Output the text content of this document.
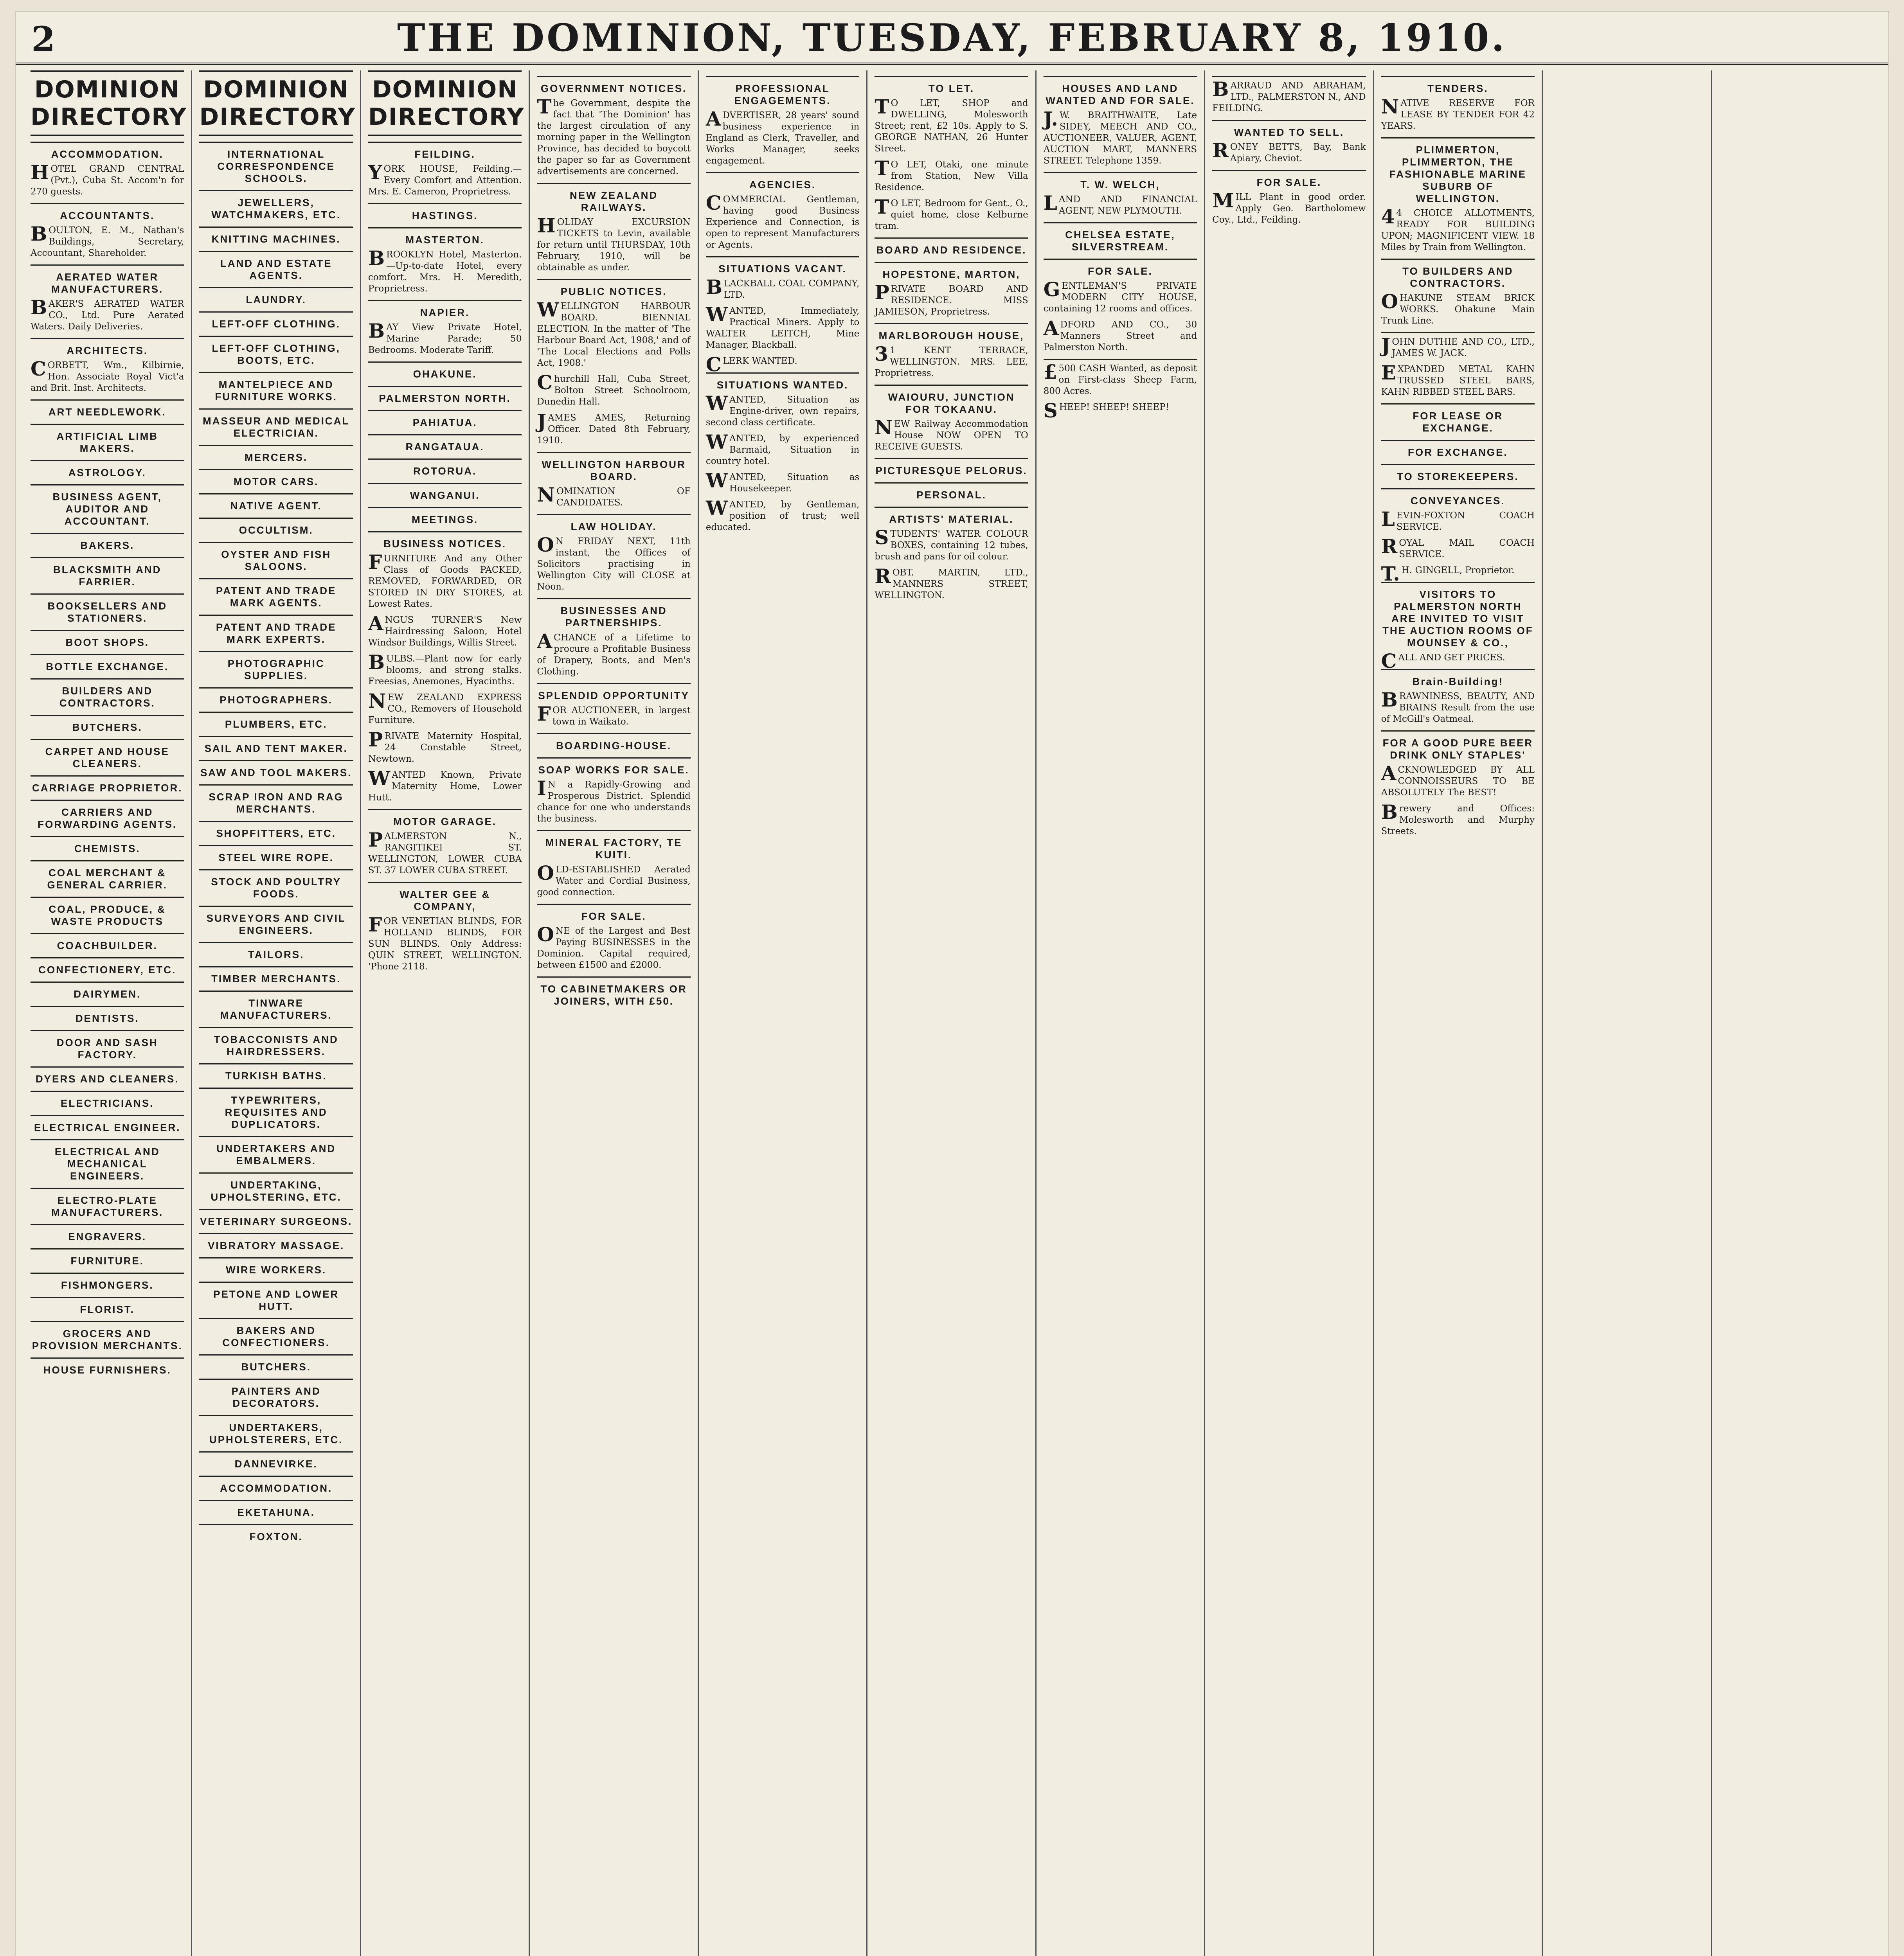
2	THE DOMINION, TUESDAY, FEBRUARY 8, 1910.
DOMINION DIRECTORY
ACCOMMODATION.

HOTEL GRAND CENTRAL (Pvt.), Cuba St. Accom'n for 270 guests.

ACCOUNTANTS.

BOULTON, E. M., Nathan's Buildings, Secretary, Accountant, Shareholder.

AERATED WATER MANUFACTURERS.

BAKER'S AERATED WATER CO., Ltd. Pure Aerated Waters. Daily Deliveries.

ARCHITECTS.

CORBETT, Wm., Kilbirnie, Hon. Associate Royal Vict'a and Brit. Inst. Architects.

ART NEEDLEWORK.
ARTIFICIAL LIMB MAKERS.
ASTROLOGY.
BUSINESS AGENT, AUDITOR AND ACCOUNTANT.
BAKERS.
BLACKSMITH AND FARRIER.
BOOKSELLERS AND STATIONERS.
BOOT SHOPS.
BOTTLE EXCHANGE.
BUILDERS AND CONTRACTORS.
BUTCHERS.
CARPET AND HOUSE CLEANERS.
CARRIAGE PROPRIETOR.
CARRIERS AND FORWARDING AGENTS.
CHEMISTS.
COAL MERCHANT & GENERAL CARRIER.
COAL, PRODUCE, & WASTE PRODUCTS
COACHBUILDER.
CONFECTIONERY, ETC.
DAIRYMEN.
DENTISTS.
DOOR AND SASH FACTORY.
DYERS AND CLEANERS.
ELECTRICIANS.
ELECTRICAL ENGINEER.
ELECTRICAL AND MECHANICAL ENGINEERS.
ELECTRO-PLATE MANUFACTURERS.
ENGRAVERS.
FURNITURE.
FISHMONGERS.
FLORIST.
GROCERS AND PROVISION MERCHANTS.
HOUSE FURNISHERS.
DOMINION DIRECTORY
INTERNATIONAL CORRESPONDENCE SCHOOLS.
JEWELLERS, WATCHMAKERS, ETC.
KNITTING MACHINES.
LAND AND ESTATE AGENTS.
LAUNDRY.
LEFT-OFF CLOTHING.
LEFT-OFF CLOTHING, BOOTS, ETC.
MANTELPIECE AND FURNITURE WORKS.
MASSEUR AND MEDICAL ELECTRICIAN.
MERCERS.
MOTOR CARS.
NATIVE AGENT.
OCCULTISM.
OYSTER AND FISH SALOONS.
PATENT AND TRADE MARK AGENTS.
PATENT AND TRADE MARK EXPERTS.
PHOTOGRAPHIC SUPPLIES.
PHOTOGRAPHERS.
PLUMBERS, ETC.
SAIL AND TENT MAKER.
SAW AND TOOL MAKERS.
SCRAP IRON AND RAG MERCHANTS.
SHOPFITTERS, ETC.
STEEL WIRE ROPE.
STOCK AND POULTRY FOODS.
SURVEYORS AND CIVIL ENGINEERS.
TAILORS.
TIMBER MERCHANTS.
TINWARE MANUFACTURERS.
TOBACCONISTS AND HAIRDRESSERS.
TURKISH BATHS.
TYPEWRITERS, REQUISITES AND DUPLICATORS.
UNDERTAKERS AND EMBALMERS.
UNDERTAKING, UPHOLSTERING, ETC.
VETERINARY SURGEONS.
VIBRATORY MASSAGE.
WIRE WORKERS.
PETONE AND LOWER HUTT.
BAKERS AND CONFECTIONERS.
BUTCHERS.
PAINTERS AND DECORATORS.
UNDERTAKERS, UPHOLSTERERS, ETC.
DANNEVIRKE.
ACCOMMODATION.
EKETAHUNA.
FOXTON.
DOMINION DIRECTORY
FEILDING.

YORK HOUSE, Feilding.—Every Comfort and Attention. Mrs. E. Cameron, Proprietress.

HASTINGS.
MASTERTON.

BROOKLYN Hotel, Masterton.—Up-to-date Hotel, every comfort. Mrs. H. Meredith, Proprietress.

NAPIER.

BAY View Private Hotel, Marine Parade; 50 Bedrooms. Moderate Tariff.

OHAKUNE.
PALMERSTON NORTH.
PAHIATUA.
RANGATAUA.
ROTORUA.
WANGANUI.
MEETINGS.
BUSINESS NOTICES.

FURNITURE And any Other Class of Goods PACKED, REMOVED, FORWARDED, OR STORED IN DRY STORES, at Lowest Rates.

ANGUS TURNER'S New Hairdressing Saloon, Hotel Windsor Buildings, Willis Street.

BULBS.—Plant now for early blooms, and strong stalks. Freesias, Anemones, Hyacinths.

NEW ZEALAND EXPRESS CO., Removers of Household Furniture.

PRIVATE Maternity Hospital, 24 Constable Street, Newtown.

WANTED Known, Private Maternity Home, Lower Hutt.

MOTOR GARAGE.

PALMERSTON N., RANGITIKEI ST. WELLINGTON, LOWER CUBA ST. 37 LOWER CUBA STREET.

WALTER GEE & COMPANY,

FOR VENETIAN BLINDS, FOR HOLLAND BLINDS, FOR SUN BLINDS. Only Address: QUIN STREET, WELLINGTON. 'Phone 2118.

GOVERNMENT NOTICES.

The Government, despite the fact that 'The Dominion' has the largest circulation of any morning paper in the Wellington Province, has decided to boycott the paper so far as Government advertisements are concerned.

NEW ZEALAND RAILWAYS.

HOLIDAY EXCURSION TICKETS to Levin, available for return until THURSDAY, 10th February, 1910, will be obtainable as under.

PUBLIC NOTICES.

WELLINGTON HARBOUR BOARD. BIENNIAL ELECTION. In the matter of 'The Harbour Board Act, 1908,' and of 'The Local Elections and Polls Act, 1908.'

Churchill Hall, Cuba Street, Bolton Street Schoolroom, Dunedin Hall.

JAMES AMES, Returning Officer. Dated 8th February, 1910.

WELLINGTON HARBOUR BOARD.

NOMINATION OF CANDIDATES.

LAW HOLIDAY.

ON FRIDAY NEXT, 11th instant, the Offices of Solicitors practising in Wellington City will CLOSE at Noon.

BUSINESSES AND PARTNERSHIPS.

ACHANCE of a Lifetime to procure a Profitable Business of Drapery, Boots, and Men's Clothing.

SPLENDID OPPORTUNITY

FOR AUCTIONEER, in largest town in Waikato.

BOARDING-HOUSE.
SOAP WORKS FOR SALE.

IN a Rapidly-Growing and Prosperous District. Splendid chance for one who understands the business.

MINERAL FACTORY, TE KUITI.

OLD-ESTABLISHED Aerated Water and Cordial Business, good connection.

FOR SALE.

ONE of the Largest and Best Paying BUSINESSES in the Dominion. Capital required, between £1500 and £2000.

TO CABINETMAKERS OR JOINERS, WITH £50.
PROFESSIONAL ENGAGEMENTS.

ADVERTISER, 28 years' sound business experience in England as Clerk, Traveller, and Works Manager, seeks engagement.

AGENCIES.

COMMERCIAL Gentleman, having good Business Experience and Connection, is open to represent Manufacturers or Agents.

SITUATIONS VACANT.

BLACKBALL COAL COMPANY, LTD.

WANTED, Immediately, Practical Miners. Apply to WALTER LEITCH, Mine Manager, Blackball.

CLERK WANTED.

SITUATIONS WANTED.

WANTED, Situation as Engine-driver, own repairs, second class certificate.

WANTED, by experienced Barmaid, Situation in country hotel.

WANTED, Situation as Housekeeper.

WANTED, by Gentleman, position of trust; well educated.

TO LET.

TO LET, SHOP and DWELLING, Molesworth Street; rent, £2 10s. Apply to S. GEORGE NATHAN, 26 Hunter Street.

TO LET, Otaki, one minute from Station, New Villa Residence.

TO LET, Bedroom for Gent., O., quiet home, close Kelburne tram.

BOARD AND RESIDENCE.
HOPESTONE, MARTON,

PRIVATE BOARD AND RESIDENCE. MISS JAMIESON, Proprietress.

MARLBOROUGH HOUSE,

31 KENT TERRACE, WELLINGTON. MRS. LEE, Proprietress.

WAIOURU, JUNCTION FOR TOKAANU.

NEW Railway Accommodation House NOW OPEN TO RECEIVE GUESTS.

PICTURESQUE PELORUS.
PERSONAL.
ARTISTS' MATERIAL.

STUDENTS' WATER COLOUR BOXES, containing 12 tubes, brush and pans for oil colour.

ROBT. MARTIN, LTD., MANNERS STREET, WELLINGTON.

HOUSES AND LAND WANTED AND FOR SALE.

J.W. BRAITHWAITE, Late SIDEY, MEECH AND CO., AUCTIONEER, VALUER, AGENT, AUCTION MART, MANNERS STREET. Telephone 1359.

T. W. WELCH,

LAND AND FINANCIAL AGENT, NEW PLYMOUTH.

CHELSEA ESTATE, SILVERSTREAM.
FOR SALE.

GENTLEMAN'S PRIVATE MODERN CITY HOUSE, containing 12 rooms and offices.

ADFORD AND CO., 30 Manners Street and Palmerston North.

£500 CASH Wanted, as deposit on First-class Sheep Farm, 800 Acres.

SHEEP! SHEEP! SHEEP!

BARRAUD AND ABRAHAM, LTD., PALMERSTON N., AND FEILDING.

WANTED TO SELL.

RONEY BETTS, Bay, Bank Apiary, Cheviot.

FOR SALE.

MILL Plant in good order. Apply Geo. Bartholomew Coy., Ltd., Feilding.

TENDERS.

NATIVE RESERVE FOR LEASE BY TENDER FOR 42 YEARS.

PLIMMERTON, PLIMMERTON, THE FASHIONABLE MARINE SUBURB OF WELLINGTON.

44 CHOICE ALLOTMENTS, READY FOR BUILDING UPON; MAGNIFICENT VIEW. 18 Miles by Train from Wellington.

TO BUILDERS AND CONTRACTORS.

OHAKUNE STEAM BRICK WORKS. Ohakune Main Trunk Line.

JOHN DUTHIE AND CO., LTD., JAMES W. JACK.

EXPANDED METAL KAHN TRUSSED STEEL BARS, KAHN RIBBED STEEL BARS.

FOR LEASE OR EXCHANGE.
FOR EXCHANGE.
TO STOREKEEPERS.
CONVEYANCES.

LEVIN-FOXTON COACH SERVICE.

ROYAL MAIL COACH SERVICE.

T.H. GINGELL, Proprietor.

VISITORS TO PALMERSTON NORTH ARE INVITED TO VISIT THE AUCTION ROOMS OF MOUNSEY & CO.,

CALL AND GET PRICES.

Brain-Building!

BRAWNINESS, BEAUTY, AND BRAINS Result from the use of McGill's Oatmeal.

FOR A GOOD PURE BEER DRINK ONLY STAPLES'

ACKNOWLEDGED BY ALL CONNOISSEURS TO BE ABSOLUTELY The BEST!

Brewery and Offices: Molesworth and Murphy Streets.
